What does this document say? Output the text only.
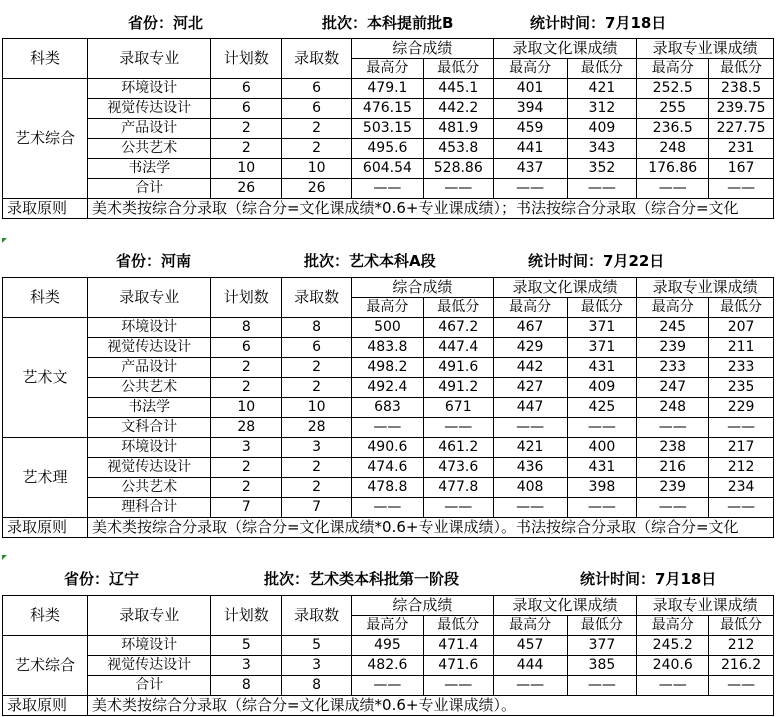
省份：河北	批次：本科提前批B	统计时间：7月18日
科类	录取专业	计划数	录取数	综合成绩		录取文化课成绩		录取专业课成绩	
				最高分	最低分	最高分	最低分	最高分	最低分
艺术综合	环境设计	6	6	479.1	445.1	401	421	252.5	238.5
	视觉传达设计	6	6	476.15	442.2	394	312	255	239.75
	产品设计	2	2	503.15	481.9	459	409	236.5	227.75
	公共艺术	2	2	495.6	453.8	441	343	248	231
	书法学	10	10	604.54	528.86	437	352	176.86	167
	合计	26	26	——	——	——	——	——	——
录取原则	美术类按综合分录取（综合分=文化课成绩*0.6+专业课成绩）；书法按综合分录取（综合分=文化								
省份：河南	批次：艺术本科A段	统计时间：7月22日
科类	录取专业	计划数	录取数	综合成绩		录取文化课成绩		录取专业课成绩	
				最高分	最低分	最高分	最低分	最高分	最低分
艺术文	环境设计	8	8	500	467.2	467	371	245	207
	视觉传达设计	6	6	483.8	447.4	429	371	239	211
	产品设计	2	2	498.2	491.6	442	431	233	233
	公共艺术	2	2	492.4	491.2	427	409	247	235
	书法学	10	10	683	671	447	425	248	229
	文科合计	28	28	——	——	——	——	——	——
艺术理	环境设计	3	3	490.6	461.2	421	400	238	217
	视觉传达设计	2	2	474.6	473.6	436	431	216	212
	公共艺术	2	2	478.8	477.8	408	398	239	234
	理科合计	7	7	——	——	——	——	——	——
录取原则	美术类按综合分录取（综合分=文化课成绩*0.6+专业课成绩）。书法按综合分录取（综合分=文化								
省份：辽宁	批次：艺术类本科批第一阶段	统计时间：7月18日
科类	录取专业	计划数	录取数	综合成绩		录取文化课成绩		录取专业课成绩	
				最高分	最低分	最高分	最低分	最高分	最低分
艺术综合	环境设计	5	5	495	471.4	457	377	245.2	212
	视觉传达设计	3	3	482.6	471.6	444	385	240.6	216.2
	合计	8	8	——	——	——	——	——	——
录取原则	美术类按综合分录取（综合分=文化课成绩*0.6+专业课成绩）。								
